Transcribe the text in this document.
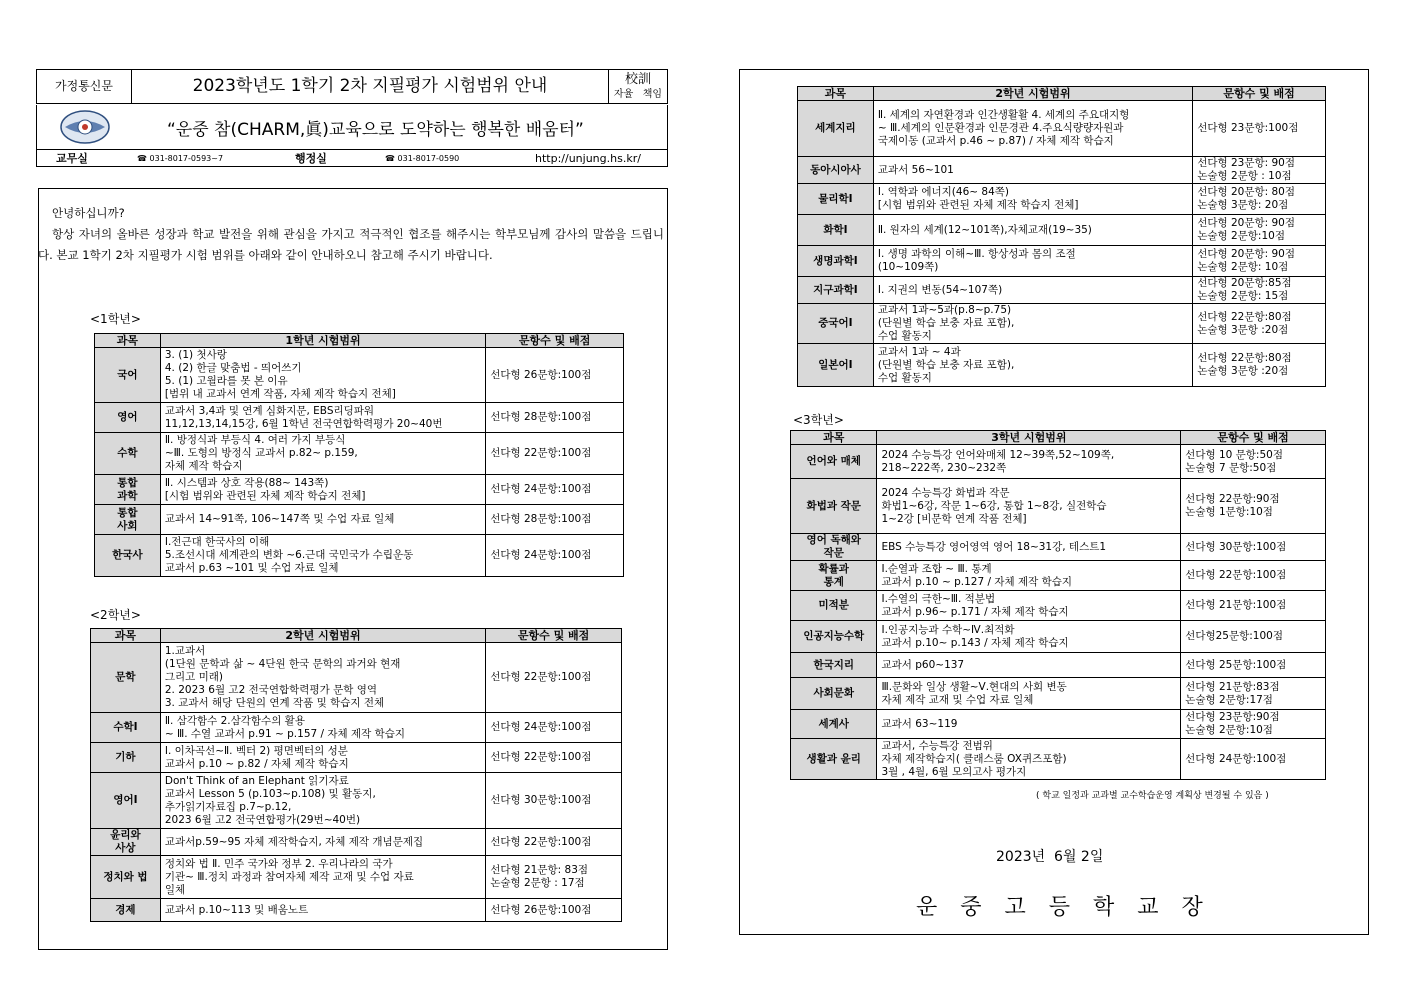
가정통신문	2023학년도 1학기 2차 지필평가 시험범위 안내	校訓
자율   책임
“운중 참(CHARM,眞)교육으로 도약하는 행복한 배움터”
교무실	☎ 031-8017-0593~7	행정실	☎ 031-8017-0590	http://unjung.hs.kr/
안녕하십니까?
항상 자녀의 올바른 성장과 학교 발전을 위해 관심을 가지고 적극적인 협조를 해주시는 학부모님께 감사의 말씀을 드립니다. 본교 1학기 2차 지필평가 시험 범위를 아래와 같이 안내하오니 참고해 주시기 바랍니다.
<1학년>
과목	1학년 시험범위	문항수 및 배점
국어	3. (1) 첫사랑
4. (2) 한글 맞춤법 - 띄어쓰기
5. (1) 고월라를 못 본 이유
[범위 내 교과서 연계 작품, 자체 제작 학습지 전체]	선다형 26문항:100점
영어	교과서 3,4과 및 연계 심화지문, EBS리딩파워
11,12,13,14,15강, 6월 1학년 전국연합학력평가 20~40번	선다형 28문항:100점
수학	Ⅱ. 방정식과 부등식 4. 여러 가지 부등식
~Ⅲ. 도형의 방정식 교과서 p.82~ p.159,
자체 제작 학습지	선다형 22문항:100점
통합
과학	Ⅱ. 시스템과 상호 작용(88~ 143쪽)
[시험 범위와 관련된 자체 제작 학습지 전체]	선다형 24문항:100점
통합
사회	교과서 14~91쪽, 106~147쪽 및 수업 자료 일체	선다형 28문항:100점
한국사	Ⅰ.전근대 한국사의 이해
5.조선시대 세계관의 변화 ~6.근대 국민국가 수립운동
교과서 p.63 ~101 및 수업 자료 일체	선다형 24문항:100점
<2학년>
과목	2학년 시험범위	문항수 및 배점
문학	1.교과서
(1단원 문학과 삶 ~ 4단원 한국 문학의 과거와 현재
그리고 미래)
2. 2023 6월 고2 전국연합학력평가 문학 영역
3. 교과서 해당 단원의 연계 작품 및 학습지 전체	선다형 22문항:100점
수학Ⅰ	Ⅱ. 삼각함수 2.삼각함수의 활용
~ Ⅲ. 수열 교과서 p.91 ~ p.157 / 자체 제작 학습지	선다형 24문항:100점
기하	Ⅰ. 이차곡선~Ⅱ. 벡터 2) 평면벡터의 성분
교과서 p.10 ~ p.82 / 자체 제작 학습지	선다형 22문항:100점
영어Ⅰ	Don't Think of an Elephant 읽기자료
교과서 Lesson 5 (p.103~p.108) 및 활동지,
추가읽기자료집 p.7~p.12,
2023 6월 고2 전국연합평가(29번~40번)	선다형 30문항:100점
윤리와
사상	교과서p.59~95 자체 제작학습지, 자체 제작 개념문제집	선다형 22문항:100점
정치와 법	정치와 법 Ⅱ. 민주 국가와 정부 2. 우리나라의 국가
기관~ Ⅲ.정치 과정과 참여자체 제작 교재 및 수업 자료
일체	선다형 21문항: 83점
논술형 2문항 : 17점
경제	교과서 p.10~113 및 배움노트	선다형 26문항:100점
과목	2학년 시험범위	문항수 및 배점
세계지리	Ⅱ. 세계의 자연환경과 인간생활활 4. 세계의 주요대지형
~ Ⅲ.세계의 인문환경과 인문경관 4.주요식량량자원과
국제이동 (교과서 p.46 ~ p.87) / 자체 제작 학습지	선다형 23문항:100점
동아시아사	교과서 56~101	선다형 23문항: 90점
논술형 2문항 : 10점
물리학Ⅰ	Ⅰ. 역학과 에너지(46~ 84쪽)
[시험 범위와 관련된 자체 제작 학습지 전체]	선다형 20문항: 80점
논술형 3문항: 20점
화학Ⅰ	Ⅱ. 원자의 세계(12~101쪽),자체교재(19~35)	선다형 20문항: 90점
논술형 2문항:10점
생명과학Ⅰ	Ⅰ. 생명 과학의 이해~Ⅲ. 항상성과 몸의 조절
(10~109쪽)	선다형 20문항: 90점
논술형 2문항: 10점
지구과학Ⅰ	Ⅰ. 지권의 변동(54~107쪽)	선다형 20문항:85점
논술형 2문항: 15점
중국어Ⅰ	교과서 1과~5과(p.8~p.75)
(단원별 학습 보충 자료 포함),
수업 활동지	선다형 22문항:80점
논술형 3문항 :20점
일본어Ⅰ	교과서 1과 ~ 4과
(단원별 학습 보충 자료 포함),
수업 활동지	선다형 22문항:80점
논술형 3문항 :20점
<3학년>
과목	3학년 시험범위	문항수 및 배점
언어와 매체	2024 수능특강 언어와매체 12~39쪽,52~109쪽,
218~222쪽, 230~232쪽	선다형 10 문항:50점
논술형 7 문항:50점
화법과 작문	2024 수능특강 화법과 작문
화법1~6강, 작문 1~6강, 통합 1~8강, 실전학습
1~2강 [비문학 연계 작품 전체]	선다형 22문항:90점
논술형 1문항:10점
영어 독해와
작문	EBS 수능특강 영어영역 영어 18~31강, 테스트1	선다형 30문항:100점
확률과
통계	Ⅰ.순열과 조합 ~ Ⅲ. 통계
교과서 p.10 ~ p.127 / 자체 제작 학습지	선다형 22문항:100점
미적분	Ⅰ.수열의 극한~Ⅲ. 적분법
교과서 p.96~ p.171 / 자체 제작 학습지	선다형 21문항:100점
인공지능수학	Ⅰ.인공지능과 수학~Ⅳ.최적화
교과서 p.10~ p.143 / 자체 제작 학습지	선다형25문항:100점
한국지리	교과서 p60~137	선다형 25문항:100점
사회문화	Ⅲ.문화와 일상 생활~Ⅴ.현대의 사회 변동
자체 제작 교재 및 수업 자료 일체	선다형 21문항:83점
논술형 2문항:17점
세계사	교과서 63~119	선다형 23문항:90점
논술형 2문항:10점
생활과 윤리	교과서, 수능특강 전범위
자체 제작학습지( 클래스룸 OX퀴즈포함)
3월 , 4월, 6월 모의고사 평가지	선다형 24문항:100점
( 학교 일정과 교과별 교수학습운영 계획상 변경될 수 있음 )
2023년  6월 2일
운 중 고 등 학 교 장
